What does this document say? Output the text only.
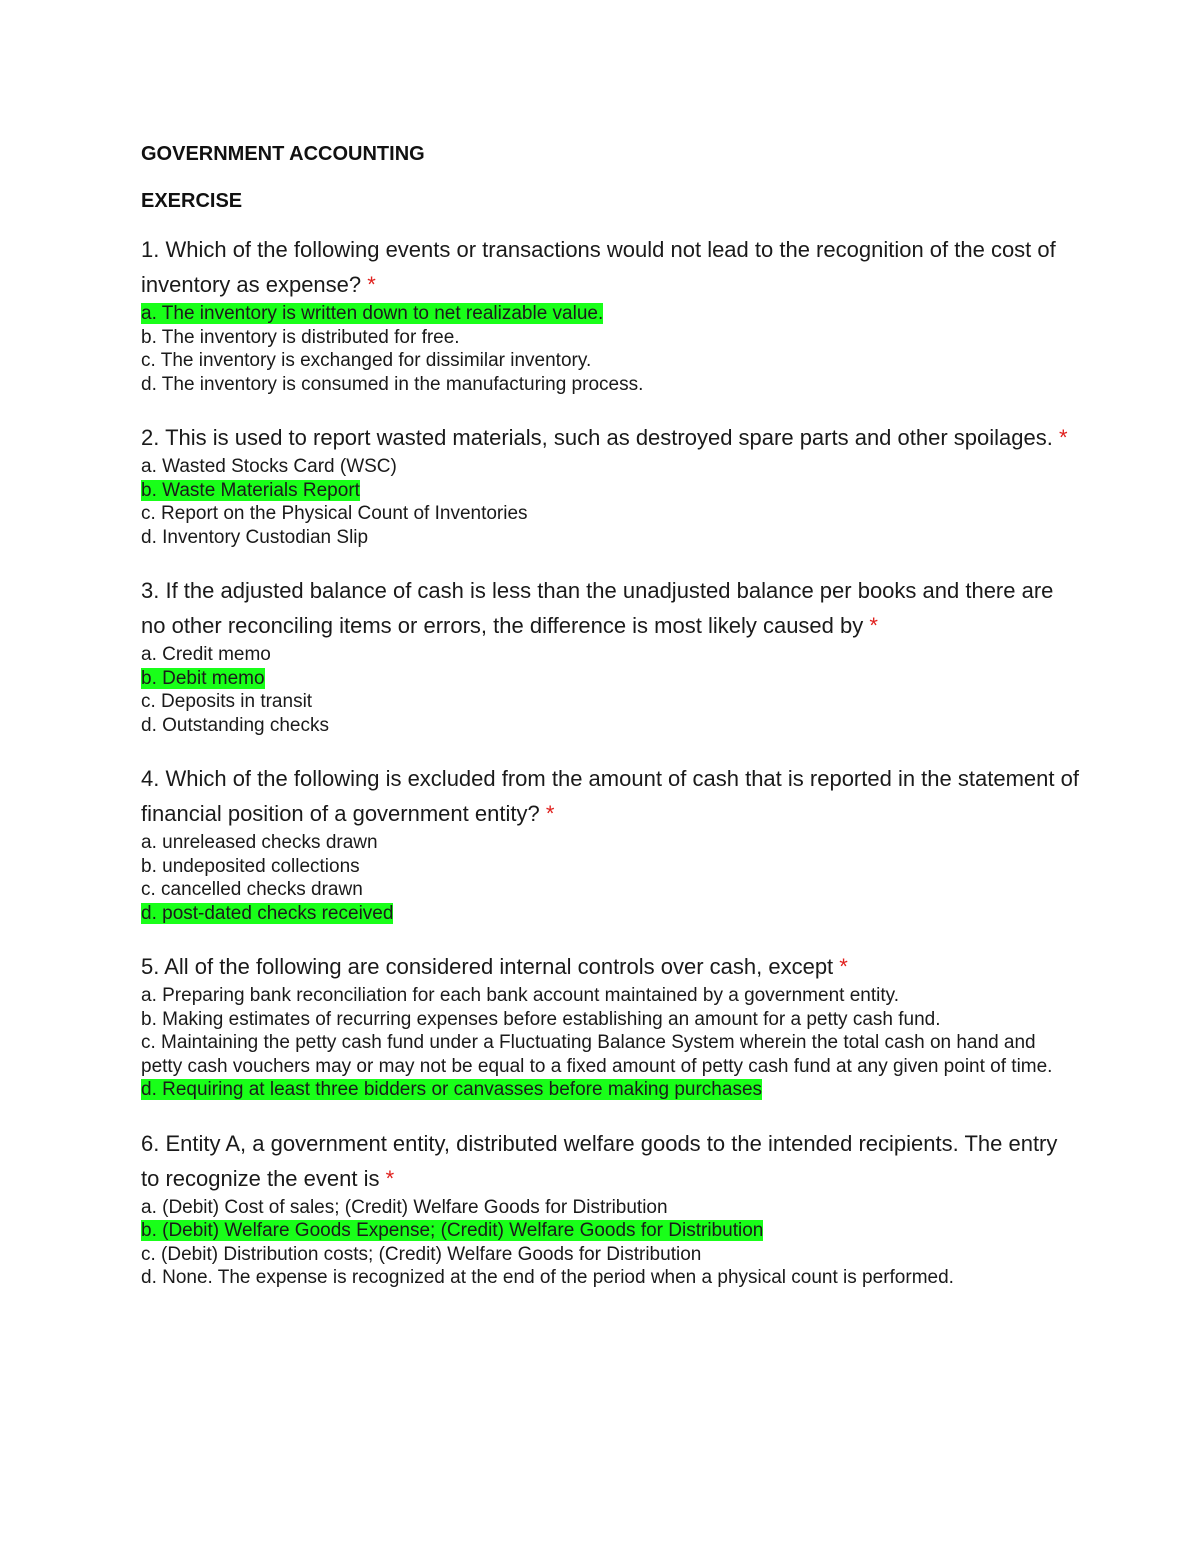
GOVERNMENT ACCOUNTING
EXERCISE

1. Which of the following events or transactions would not lead to the recognition of the cost of inventory as expense? *

a. The inventory is written down to net realizable value.
b. The inventory is distributed for free.
c. The inventory is exchanged for dissimilar inventory.
d. The inventory is consumed in the manufacturing process.

2. This is used to report wasted materials, such as destroyed spare parts and other spoilages. *

a. Wasted Stocks Card (WSC)
b. Waste Materials Report
c. Report on the Physical Count of Inventories
d. Inventory Custodian Slip

3. If the adjusted balance of cash is less than the unadjusted balance per books and there are no other reconciling items or errors, the difference is most likely caused by *

a. Credit memo
b. Debit memo
c. Deposits in transit
d. Outstanding checks

4. Which of the following is excluded from the amount of cash that is reported in the statement of financial position of a government entity? *

a. unreleased checks drawn
b. undeposited collections
c. cancelled checks drawn
d. post-dated checks received

5. All of the following are considered internal controls over cash, except *

a. Preparing bank reconciliation for each bank account maintained by a government entity.
b. Making estimates of recurring expenses before establishing an amount for a petty cash fund.
c. Maintaining the petty cash fund under a Fluctuating Balance System wherein the total cash on hand and petty cash vouchers may or may not be equal to a fixed amount of petty cash fund at any given point of time.
d. Requiring at least three bidders or canvasses before making purchases

6. Entity A, a government entity, distributed welfare goods to the intended recipients. The entry to recognize the event is *

a. (Debit) Cost of sales; (Credit) Welfare Goods for Distribution
b. (Debit) Welfare Goods Expense; (Credit) Welfare Goods for Distribution
c. (Debit) Distribution costs; (Credit) Welfare Goods for Distribution
d. None. The expense is recognized at the end of the period when a physical count is performed.
